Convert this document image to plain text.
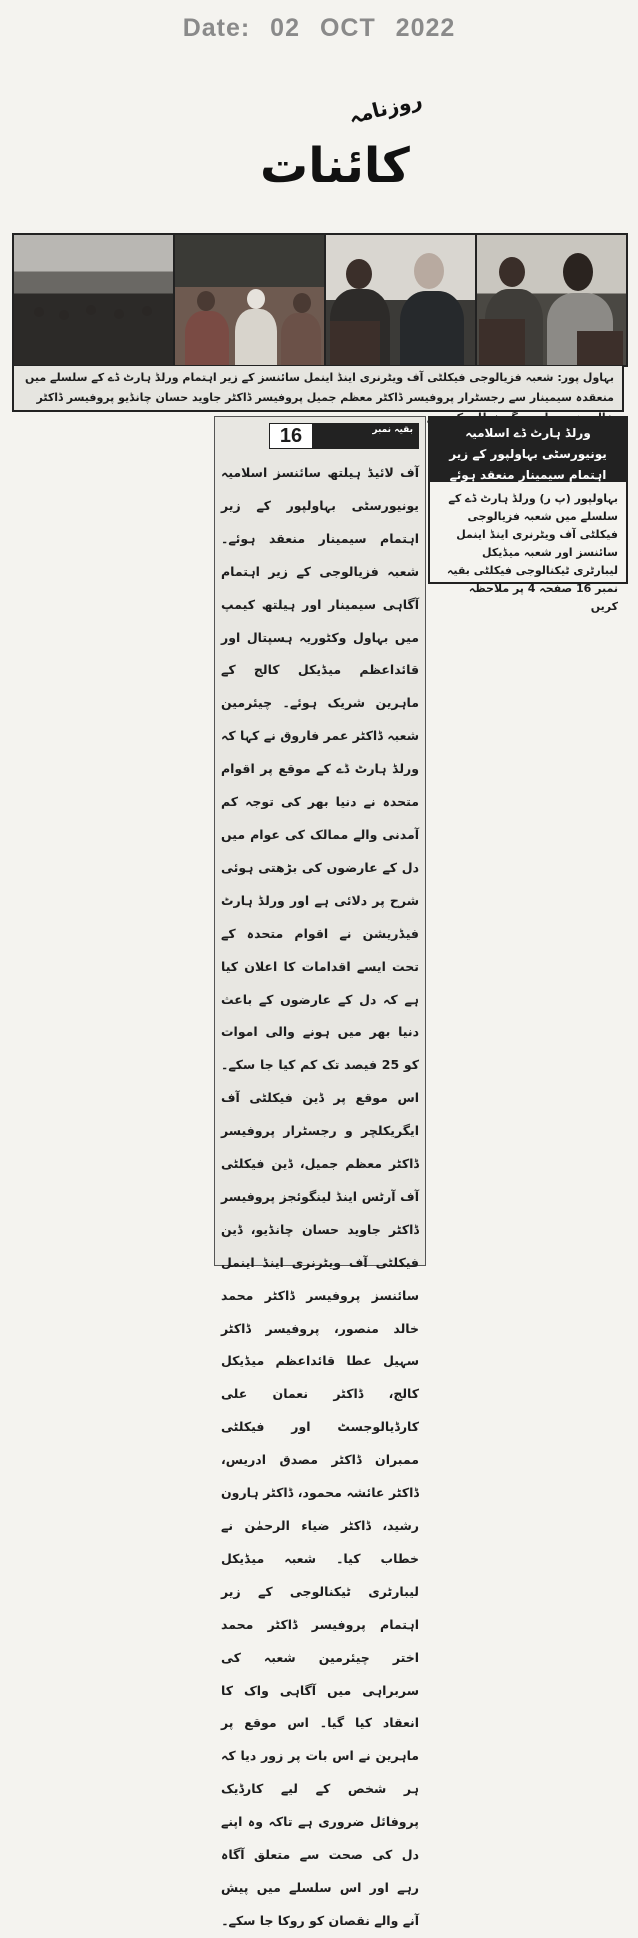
Date: 02 OCT 2022
روزنامہ
کائنات
بہاول پور: شعبہ فزیالوجی فیکلٹی آف ویٹرنری اینڈ اینمل سائنسز کے زیر اہتمام ورلڈ ہارٹ ڈے کے سلسلے میں منعقدہ سیمینار سے رجسٹرار پروفیسر ڈاکٹر معظم جمیل پروفیسر ڈاکٹر جاوید حسان چانڈیو پروفیسر ڈاکٹر
ورلڈ ہارٹ ڈے اسلامیہ یونیورسٹی بہاولپور کے زیر اہتمام سیمینار منعقد ہوئے
بہاولپور (پ ر) ورلڈ ہارٹ ڈے کے سلسلے میں شعبہ فزیالوجی فیکلٹی آف ویٹرنری اینڈ اینمل سائنسز اور شعبہ میڈیکل لیبارٹری ٹیکنالوجی فیکلٹی بقیہ نمبر 16 صفحہ 4 پر ملاحظہ کریں
16	بقیہ نمبر
آف لائیڈ ہیلتھ سائنسز اسلامیہ یونیورسٹی بہاولپور کے زیر اہتمام سیمینار منعقد ہوئے۔ شعبہ فزیالوجی کے زیر اہتمام آگاہی سیمینار اور ہیلتھ کیمپ میں بہاول وکٹوریہ ہسپتال اور قائداعظم میڈیکل کالج کے ماہرین شریک ہوئے۔ چیئرمین شعبہ ڈاکٹر عمر فاروق نے کہا کہ ورلڈ ہارٹ ڈے کے موقع پر اقوام متحدہ نے دنیا بھر کی توجہ کم آمدنی والے ممالک کی عوام میں دل کے عارضوں کی بڑھتی ہوئی شرح پر دلائی ہے اور ورلڈ ہارٹ فیڈریشن نے اقوام متحدہ کے تحت ایسے اقدامات کا اعلان کیا ہے کہ دل کے عارضوں کے باعث دنیا بھر میں ہونے والی اموات کو 25 فیصد تک کم کیا جا سکے۔ اس موقع پر ڈین فیکلٹی آف ایگریکلچر و رجسٹرار پروفیسر ڈاکٹر معظم جمیل، ڈین فیکلٹی آف آرٹس اینڈ لینگوئجز پروفیسر ڈاکٹر جاوید حسان چانڈیو، ڈین فیکلٹی آف ویٹرنری اینڈ اینمل سائنسز پروفیسر ڈاکٹر محمد خالد منصور، پروفیسر ڈاکٹر سہیل عطا قائداعظم میڈیکل کالج، ڈاکٹر نعمان علی کارڈیالوجسٹ اور فیکلٹی ممبران ڈاکٹر مصدق ادریس، ڈاکٹر عائشہ محمود، ڈاکٹر ہارون رشید، ڈاکٹر ضیاء الرحمٰن نے خطاب کیا۔ شعبہ میڈیکل لیبارٹری ٹیکنالوجی کے زیر اہتمام پروفیسر ڈاکٹر محمد اختر چیئرمین شعبہ کی سربراہی میں آگاہی واک کا انعقاد کیا گیا۔ اس موقع پر ماہرین نے اس بات پر زور دیا کہ ہر شخص کے لیے کارڈیک پروفائل ضروری ہے تاکہ وہ اپنے دل کی صحت سے متعلق آگاہ رہے اور اس سلسلے میں پیش آنے والے نقصان کو روکا جا سکے۔
